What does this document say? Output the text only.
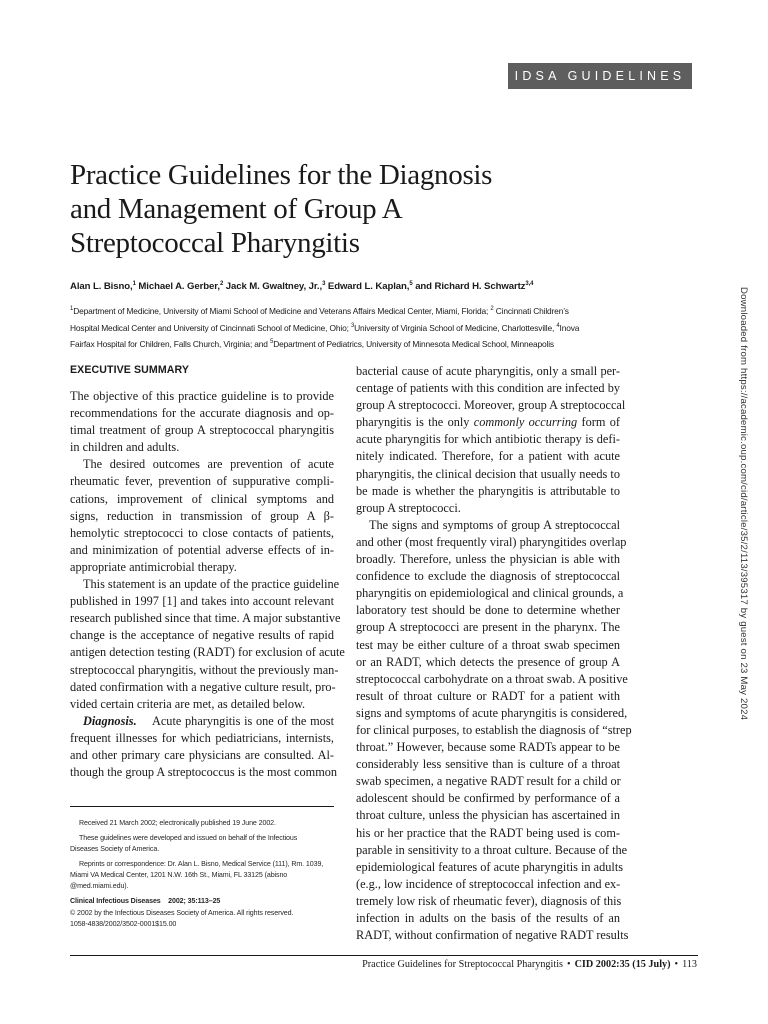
IDSA GUIDELINES
Practice Guidelines for the Diagnosis
and Management of Group A
Streptococcal Pharyngitis
Alan L. Bisno,$^1$ Michael A. Gerber,$^2$ Jack M. Gwaltney, Jr.,$^3$ Edward L. Kaplan,$^5$ and Richard H. Schwartz$^{3,4}$
$^1$Department of Medicine, University of Miami School of Medicine and Veterans Affairs Medical Center, Miami, Florida; $^2$ Cincinnati Children’s
Hospital Medical Center and University of Cincinnati School of Medicine, Ohio; $^3$University of Virginia School of Medicine, Charlottesville, $^4$Inova
Fairfax Hospital for Children, Falls Church, Virginia; and $^5$Department of Pediatrics, University of Minnesota Medical School, Minneapolis
EXECUTIVE SUMMARY
The objective of this practice guideline is to provide
recommendations for the accurate diagnosis and op-
timal treatment of group A streptococcal pharyngitis
in children and adults.
The desired outcomes are prevention of acute
rheumatic fever, prevention of suppurative compli-
cations, improvement of clinical symptoms and
signs, reduction in transmission of group A β-
hemolytic streptococci to close contacts of patients,
and minimization of potential adverse effects of in-
appropriate antimicrobial therapy.
This statement is an update of the practice guideline
published in 1997 [1] and takes into account relevant
research published since that time. A major substantive
change is the acceptance of negative results of rapid
antigen detection testing (RADT) for exclusion of acute
streptococcal pharyngitis, without the previously man-
dated confirmation with a negative culture result, pro-
vided certain criteria are met, as detailed below.
Diagnosis.  Acute pharyngitis is one of the most
frequent illnesses for which pediatricians, internists,
and other primary care physicians are consulted. Al-
though the group A streptococcus is the most common
bacterial cause of acute pharyngitis, only a small per-
centage of patients with this condition are infected by
group A streptococci. Moreover, group A streptococcal
pharyngitis is the only commonly occurring form of
acute pharyngitis for which antibiotic therapy is defi-
nitely indicated. Therefore, for a patient with acute
pharyngitis, the clinical decision that usually needs to
be made is whether the pharyngitis is attributable to
group A streptococci.
The signs and symptoms of group A streptococcal
and other (most frequently viral) pharyngitides overlap
broadly. Therefore, unless the physician is able with
confidence to exclude the diagnosis of streptococcal
pharyngitis on epidemiological and clinical grounds, a
laboratory test should be done to determine whether
group A streptococci are present in the pharynx. The
test may be either culture of a throat swab specimen
or an RADT, which detects the presence of group A
streptococcal carbohydrate on a throat swab. A positive
result of throat culture or RADT for a patient with
signs and symptoms of acute pharyngitis is considered,
for clinical purposes, to establish the diagnosis of “strep
throat.” However, because some RADTs appear to be
considerably less sensitive than is culture of a throat
swab specimen, a negative RADT result for a child or
adolescent should be confirmed by performance of a
throat culture, unless the physician has ascertained in
his or her practice that the RADT being used is com-
parable in sensitivity to a throat culture. Because of the
epidemiological features of acute pharyngitis in adults
(e.g., low incidence of streptococcal infection and ex-
tremely low risk of rheumatic fever), diagnosis of this
infection in adults on the basis of the results of an
RADT, without confirmation of negative RADT results

Received 21 March 2002; electronically published 19 June 2002.

These guidelines were developed and issued on behalf of the Infectious
Diseases Society of America.

Reprints or correspondence: Dr. Alan L. Bisno, Medical Service (111), Rm. 1039,
Miami VA Medical Center, 1201 N.W. 16th St., Miami, FL 33125 (abisno
@med.miami.edu).

Clinical Infectious Diseases 2002; 35:113–25
© 2002 by the Infectious Diseases Society of America. All rights reserved.
1058-4838/2002/3502-0001$15.00
Practice Guidelines for Streptococcal Pharyngitis • CID 2002:35 (15 July) • 113
Downloaded from https://academic.oup.com/cid/article/35/2/113/395317 by guest on 23 May 2024
